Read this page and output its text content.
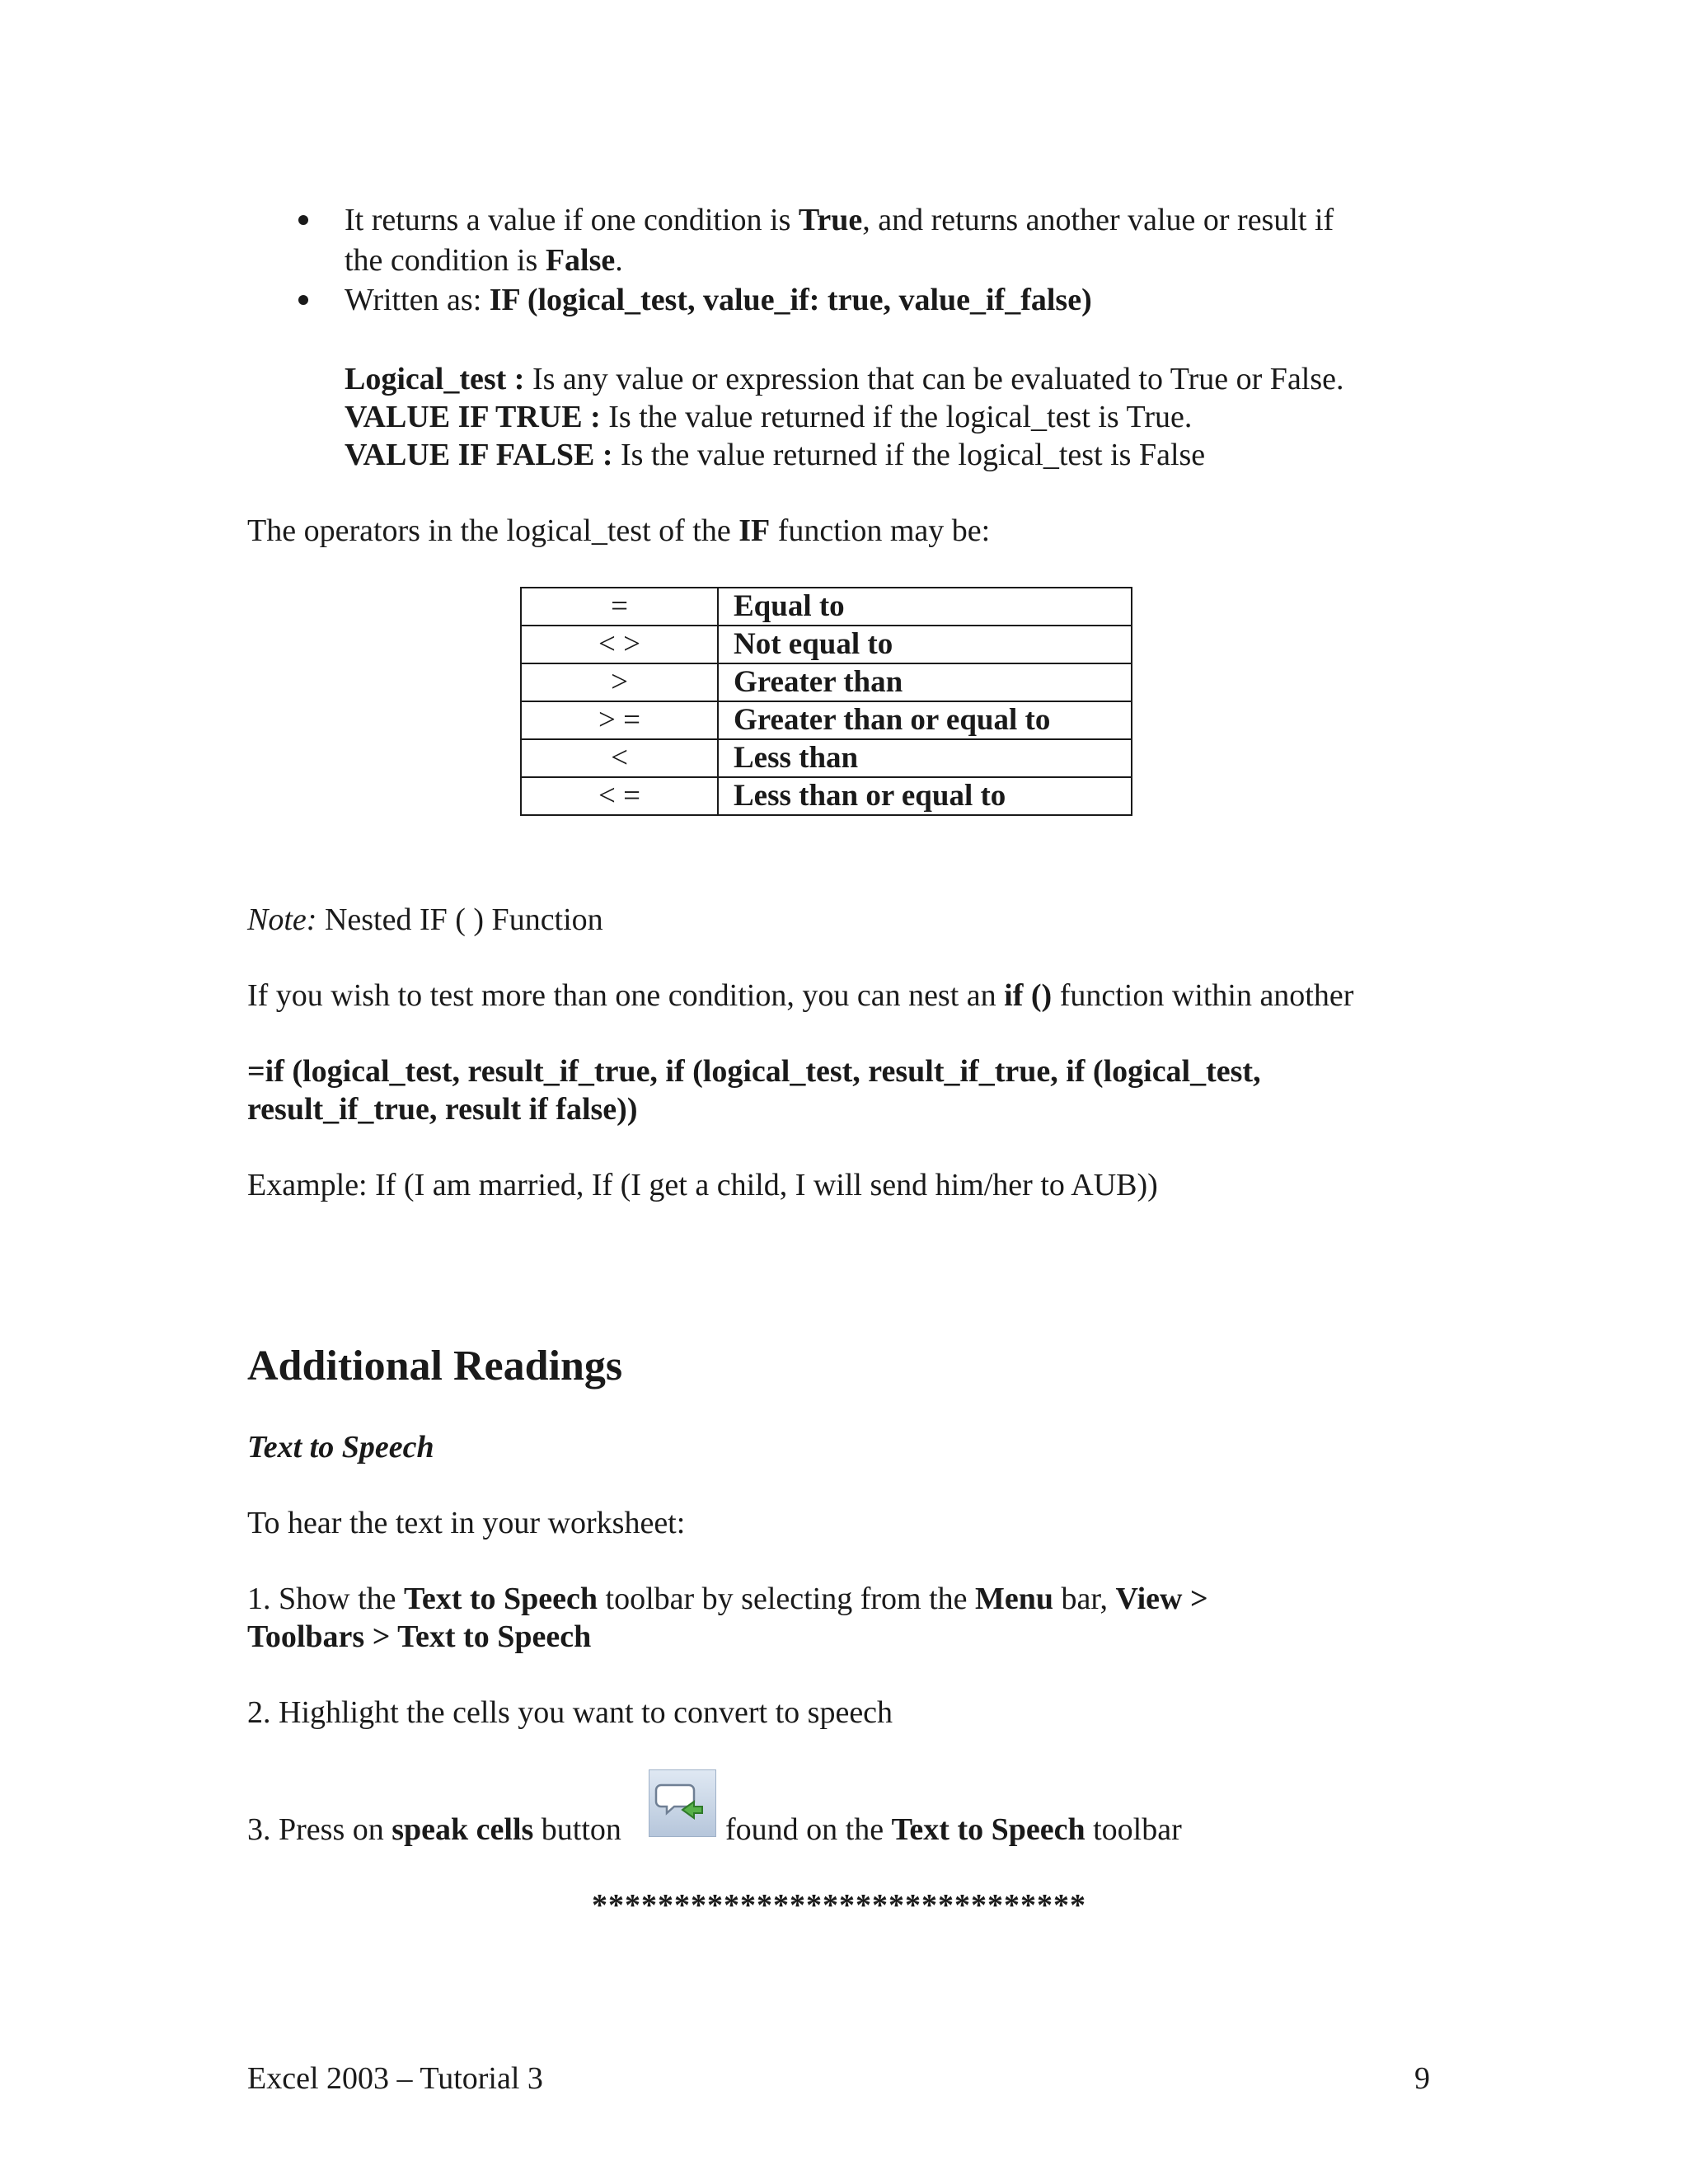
It returns a value if one condition is True, and returns another value or result if
the condition is False.
Written as: IF (logical_test, value_if: true, value_if_false)
Logical_test : Is any value or expression that can be evaluated to True or False.
VALUE IF TRUE : Is the value returned if the logical_test is True.
VALUE IF FALSE : Is the value returned if the logical_test is False
The operators in the logical_test of the IF function may be:
=	Equal to
< >	Not equal to
>	Greater than
> =	Greater than or equal to
<	Less than
< =	Less than or equal to
Note: Nested IF ( ) Function
If you wish to test more than one condition, you can nest an if () function within another
=if (logical_test, result_if_true, if (logical_test, result_if_true, if (logical_test,
result_if_true, result if false))
Example: If (I am married, If (I get a child, I will send him/her to AUB))
Additional Readings
Text to Speech
To hear the text in your worksheet:
1. Show the Text to Speech toolbar by selecting from the Menu bar, View >
Toolbars > Text to Speech
2. Highlight the cells you want to convert to speech
3. Press on speak cells button	found on the Text to Speech toolbar
******************************
Excel 2003 – Tutorial 3	9
